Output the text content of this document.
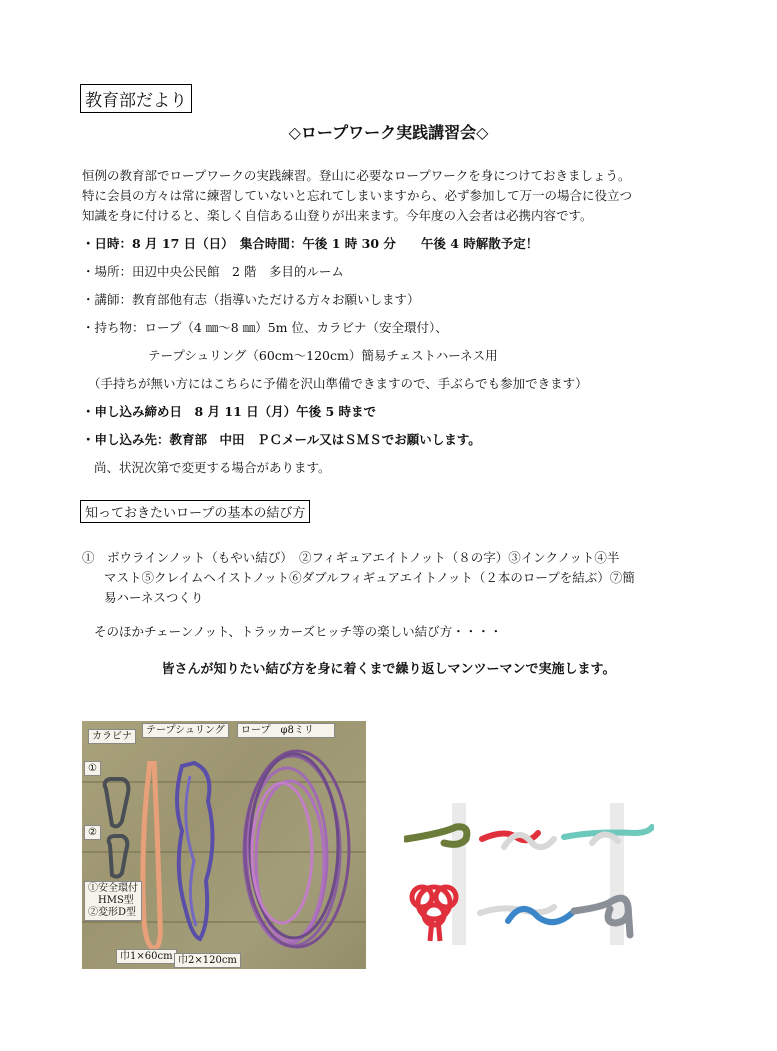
教育部だより
◇ロープワーク実践講習会◇
恒例の教育部でロープワークの実践練習。登山に必要なロープワークを身につけておきましょう。
特に会員の方々は常に練習していないと忘れてしまいますから、必ず参加して万一の場合に役立つ
知識を身に付けると、楽しく自信ある山登りが出来ます。今年度の入会者は必携内容です。
・日時：8 月 17 日（日）　集合時間：午後 1 時 30 分　　午後 4 時解散予定！
・場所：田辺中央公民館　2 階　多目的ルーム
・講師：教育部他有志（指導いただける方々お願いします）
・持ち物：ロープ（4 ㎜～8 ㎜）5m 位、カラビナ（安全環付）、
テープシュリング（60cm～120cm）簡易チェストハーネス用
（手持ちが無い方にはこちらに予備を沢山準備できますので、手ぶらでも参加できます）
・申し込み締め日　8 月 11 日（月）午後 5 時まで
・申し込み先：教育部　中田　ＰＣメール又はＳＭＳでお願いします。
尚、状況次第で変更する場合があります。
知っておきたいロープの基本の結び方
①　ボウラインノット（もやい結び）　②フィギュアエイトノット（８の字）③インクノット④半
マスト⑤クレイムヘイストノット⑥ダブルフィギュアエイトノット（２本のロープを結ぶ）⑦簡
易ハーネスつくり
そのほかチェーンノット、トラッカーズヒッチ等の楽しい結び方・・・・
皆さんが知りたい結び方を身に着くまで繰り返しマンツーマンで実施します。
カラビナ
テープシュリング	ロープ　φ8ミリ
①
②
①安全環付
HMS型
②変形D型
巾1×60cm 巾2×120cm
